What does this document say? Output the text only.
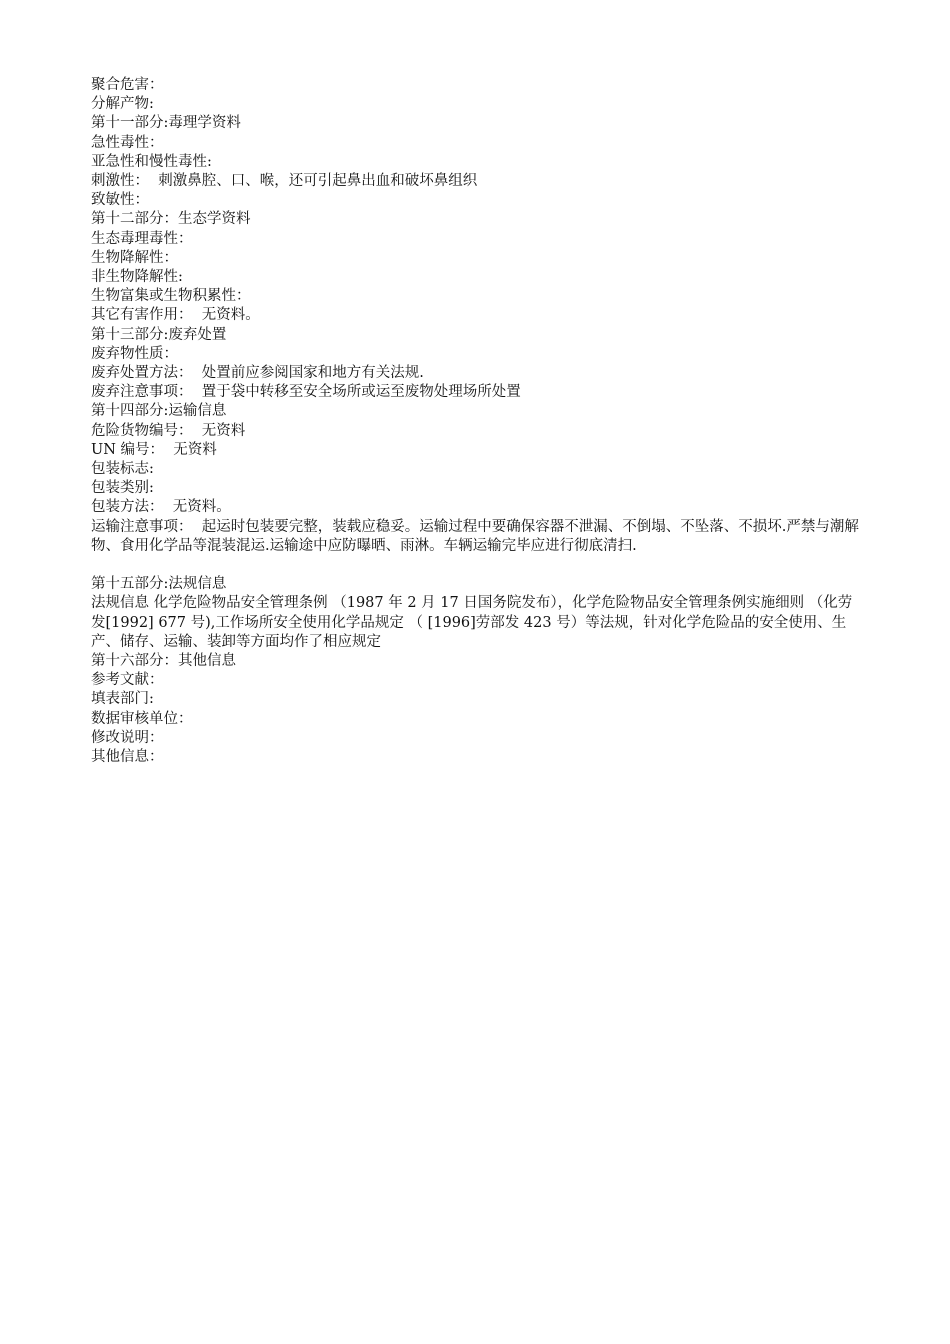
聚合危害：

分解产物:

第十一部分:毒理学资料

急性毒性：

亚急性和慢性毒性:

刺激性：  刺激鼻腔、口、喉，还可引起鼻出血和破坏鼻组织

致敏性：

第十二部分：生态学资料

生态毒理毒性：

生物降解性：

非生物降解性:

生物富集或生物积累性：

其它有害作用：  无资料。

第十三部分:废弃处置

废弃物性质：

废弃处置方法：  处置前应参阅国家和地方有关法规.

废弃注意事项：  置于袋中转移至安全场所或运至废物处理场所处置

第十四部分:运输信息

危险货物编号：  无资料

UN 编号：  无资料

包装标志:

包装类别:

包装方法：  无资料。

运输注意事项：  起运时包装要完整，装载应稳妥。运输过程中要确保容器不泄漏、不倒塌、不坠落、不损坏.严禁与潮解物、食用化学品等混装混运.运输途中应防曝晒、雨淋。车辆运输完毕应进行彻底清扫.

第十五部分:法规信息

法规信息 化学危险物品安全管理条例 （1987 年 2 月 17 日国务院发布），化学危险物品安全管理条例实施细则 （化劳发[1992] 677 号),工作场所安全使用化学品规定 （ [1996]劳部发 423 号）等法规，针对化学危险品的安全使用、生产、储存、运输、装卸等方面均作了相应规定

第十六部分：其他信息

参考文献：

填表部门:

数据审核单位：

修改说明：

其他信息：
